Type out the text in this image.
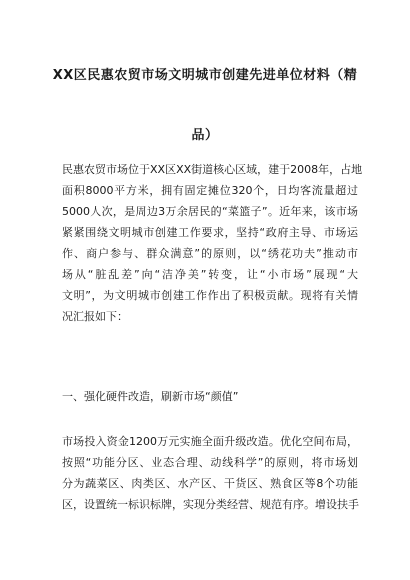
XX区民惠农贸市场文明城市创建先进单位材料（精
品）
民惠农贸市场位于XX区XX街道核心区域，建于2008年，占地
面积8000平方米，拥有固定摊位320个，日均客流量超过
5000人次，是周边3万余居民的“菜篮子”。近年来，该市场
紧紧围绕文明城市创建工作要求，坚持“政府主导、市场运
作、商户参与、群众满意”的原则，以“绣花功夫”推动市
场从“脏乱差”向“洁净美”转变，让“小市场”展现“大
文明”，为文明城市创建工作作出了积极贡献。现将有关情
况汇报如下：

一、强化硬件改造，刷新市场“颜值”

市场投入资金1200万元实施全面升级改造。优化空间布局，
按照“功能分区、业态合理、动线科学”的原则，将市场划
分为蔬菜区、肉类区、水产区、干货区、熟食区等8个功能
区，设置统一标识标牌，实现分类经营、规范有序。增设扶手
